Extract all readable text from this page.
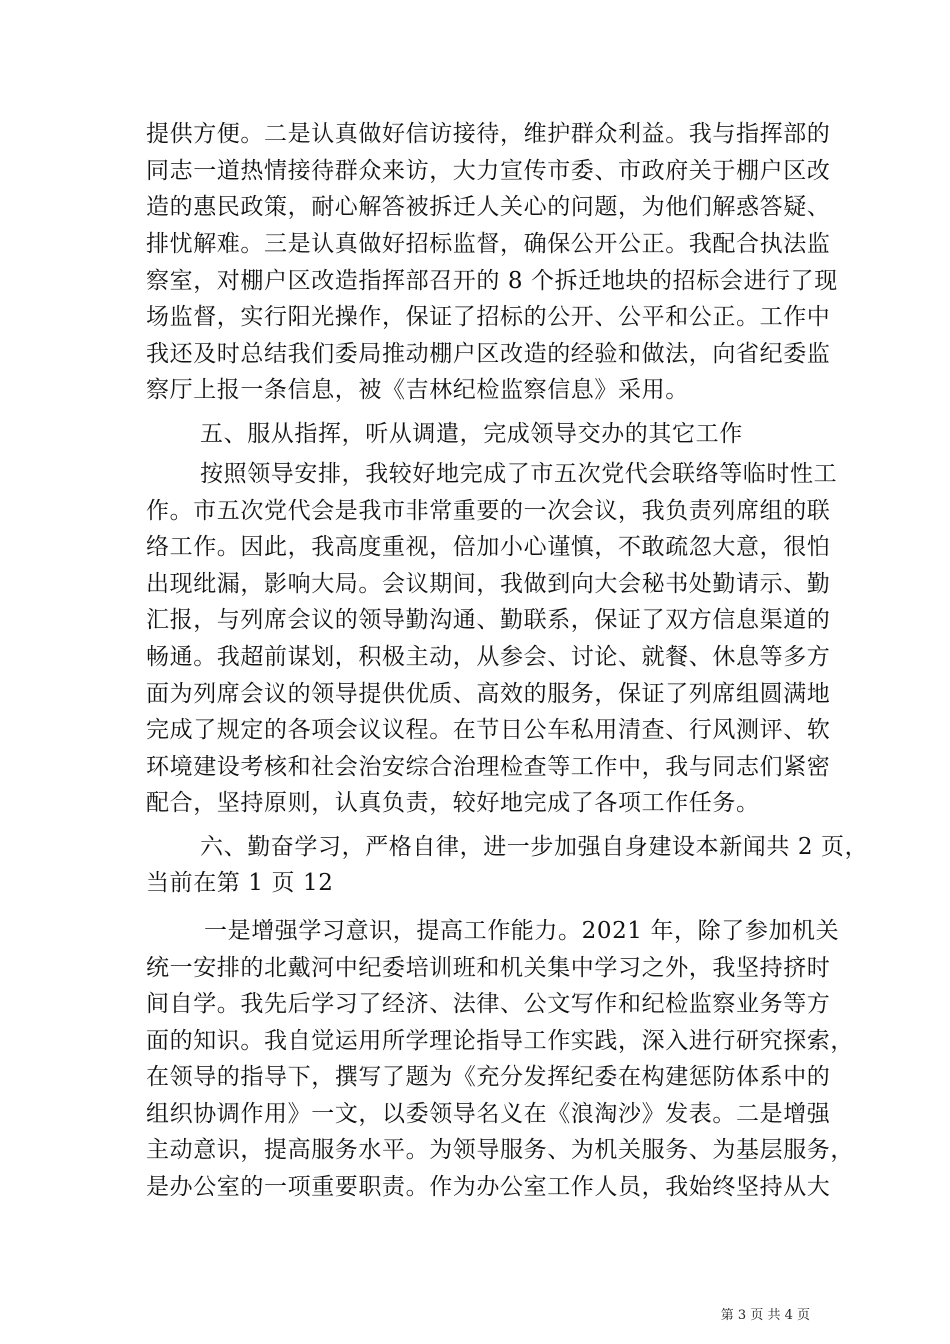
提供方便。二是认真做好信访接待，维护群众利益。我与指挥部的
同志一道热情接待群众来访，大力宣传市委、市政府关于棚户区改
造的惠民政策，耐心解答被拆迁人关心的问题，为他们解惑答疑、
排忧解难。三是认真做好招标监督，确保公开公正。我配合执法监
察室，对棚户区改造指挥部召开的 8 个拆迁地块的招标会进行了现
场监督，实行阳光操作，保证了招标的公开、公平和公正。工作中
我还及时总结我们委局推动棚户区改造的经验和做法，向省纪委监
察厅上报一条信息，被《吉林纪检监察信息》采用。
五、服从指挥，听从调遣，完成领导交办的其它工作
按照领导安排，我较好地完成了市五次党代会联络等临时性工
作。市五次党代会是我市非常重要的一次会议，我负责列席组的联
络工作。因此，我高度重视，倍加小心谨慎，不敢疏忽大意，很怕
出现纰漏，影响大局。会议期间，我做到向大会秘书处勤请示、勤
汇报，与列席会议的领导勤沟通、勤联系，保证了双方信息渠道的
畅通。我超前谋划，积极主动，从参会、讨论、就餐、休息等多方
面为列席会议的领导提供优质、高效的服务，保证了列席组圆满地
完成了规定的各项会议议程。在节日公车私用清查、行风测评、软
环境建设考核和社会治安综合治理检查等工作中，我与同志们紧密
配合，坚持原则，认真负责，较好地完成了各项工作任务。
六、勤奋学习，严格自律，进一步加强自身建设本新闻共 2 页，
当前在第 1 页 12
一是增强学习意识，提高工作能力。2021 年，除了参加机关
统一安排的北戴河中纪委培训班和机关集中学习之外，我坚持挤时
间自学。我先后学习了经济、法律、公文写作和纪检监察业务等方
面的知识。我自觉运用所学理论指导工作实践，深入进行研究探索，
在领导的指导下，撰写了题为《充分发挥纪委在构建惩防体系中的
组织协调作用》一文，以委领导名义在《浪淘沙》发表。二是增强
主动意识，提高服务水平。为领导服务、为机关服务、为基层服务，
是办公室的一项重要职责。作为办公室工作人员，我始终坚持从大
第 3 页 共 4 页
